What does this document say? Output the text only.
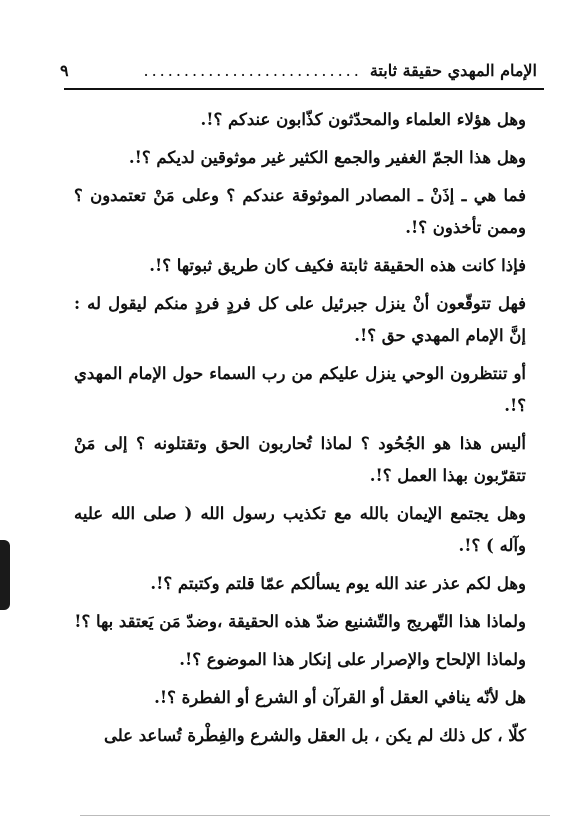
الإمام المهدي حقيقة ثابتة
...........................
٩

وهل هؤلاء العلماء والمحدّثون كذّابون عندكم ؟!.

وهل هذا الجمّ الغفير والجمع الكثير غير موثوقين لديكم ؟!.

فما هي ـ إذَنْ ـ المصادر الموثوقة عندكم ؟ وعلى مَنْ تعتمدون ؟ وممن تأخذون ؟!.

فإذا كانت هذه الحقيقة ثابتة فكيف كان طريق ثبوتها ؟!.

فهل تتوقّعون أنْ ينزل جبرئيل على كل فردٍ فردٍ منكم ليقول له : إنَّ الإمام المهدي حق ؟!.

أو تنتظرون الوحي ينزل عليكم من رب السماء حول الإمام المهدي ؟!.

أليس هذا هو الجُحُود ؟ لماذا تُحاربون الحق وتقتلونه ؟ إلى مَنْ تتقرّبون بهذا العمل ؟!.

وهل يجتمع الإيمان بالله مع تكذيب رسول الله ( صلى الله عليه وآله ) ؟!.

وهل لكم عذر عند الله يوم يسألكم عمّا قلتم وكتبتم ؟!.

ولماذا هذا التّهريج والتّشنيع ضدّ هذه الحقيقة ،وضدّ مَن يَعتقد بها ؟!

ولماذا الإلحاح والإصرار على إنكار هذا الموضوع ؟!.

هل لأنّه ينافي العقل أو القرآن أو الشرع أو الفطرة ؟!.

كلّا ، كل ذلك لم يكن ، بل العقل والشرع والفِطْرة تُساعد على
